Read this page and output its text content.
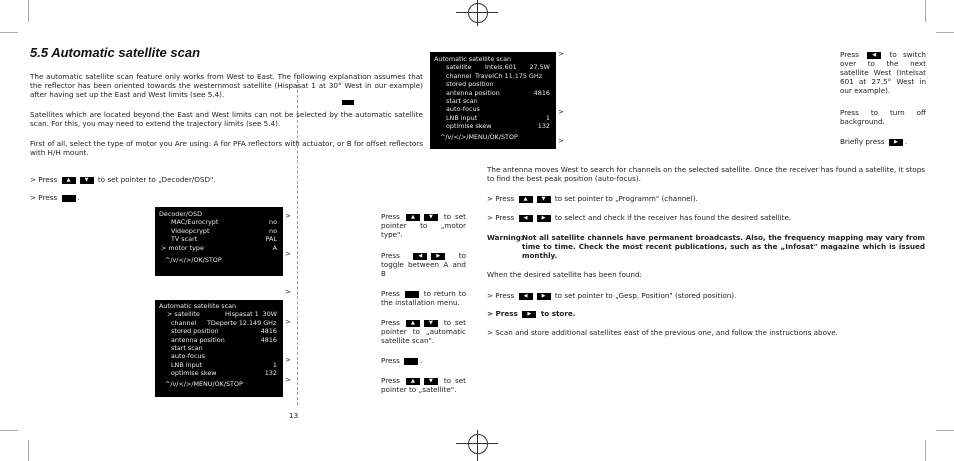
5.5 Automatic satellite scan
The automatic satellite scan feature only works from West to East. The following explanation assumes that the reflector has been oriented towards the westernmost satellite (Hispasat 1 at 30° West in our example) after having set up the East and West limits (see 5.4).
Satellites which are located beyond the East and West limits can not be selected by the automatic satellite scan. For this, you may need to extend the trajectory limits (see 5.4).
First of all, select the type of motor you Are using: A for PFA reflectors with actuator, or B for offset reflectors with H/H mount.
> Press ▲	▼ to set pointer to „Decoder/OSD".
> Press	.
Decoder/OSD
MAC/Eurocrypt	no
Videopcrypt	no
TV scart	PAL
> motor type	A
^/v/</>/OK/STOP
Automatic satellite scan
> satellite	Hispasat 1 30W
channel TDeporte 12.149 GHz
stored position	4816
antenna position	4816
start scan
auto-focus
LNB input	1
optimise skew	132
^/v/</>/MENU/OK/STOP
Automatic satellite scan
satellite Intels.601 27.5W
channel TravelCh 11.175 GHz
stored position
antenna position	4816
start scan
auto-focus
LNB input	1
optimise skew	132
^/v/</>/MENU/OK/STOP
>
>
>
>
>
>
>
>
>
Press ▲	▼ to set pointer to „motor type".
Press	◀	▶	to toggle between A and B
Press	to return to the installation menu.
Press ▲	▼ to set pointer to „automatic satellite scan".
Press	.
Press ▲	▼ to set pointer to „satellite".
Press	◀ to switch over to the next satellite West (Intelsat 601 at 27.5° West in our example).
Press to turn off background.
Briefly press ▶ .
The antenna moves West to search for channels on the selected satellite. Once the receiver has found a satellite, it stops to find the best peak position (auto-focus).
> Press ▲	▼ to set pointer to „Programm" (channel).
> Press ◀	▶ to select and check if the receiver has found the desired satellite.
Warning:
Not all satellite channels have permanent broadcasts. Also, the frequency mapping may vary from time to time. Check the most recent publications, such as the „Infosat" magazine which is issued monthly.
When the desired satellite has been found:
> Press ◀	▶ to set pointer to „Gesp. Position" (stored position).
> Press ▶ to store.
> Scan and store additional satellites east of the previous one, and follow the instructions above.
13
